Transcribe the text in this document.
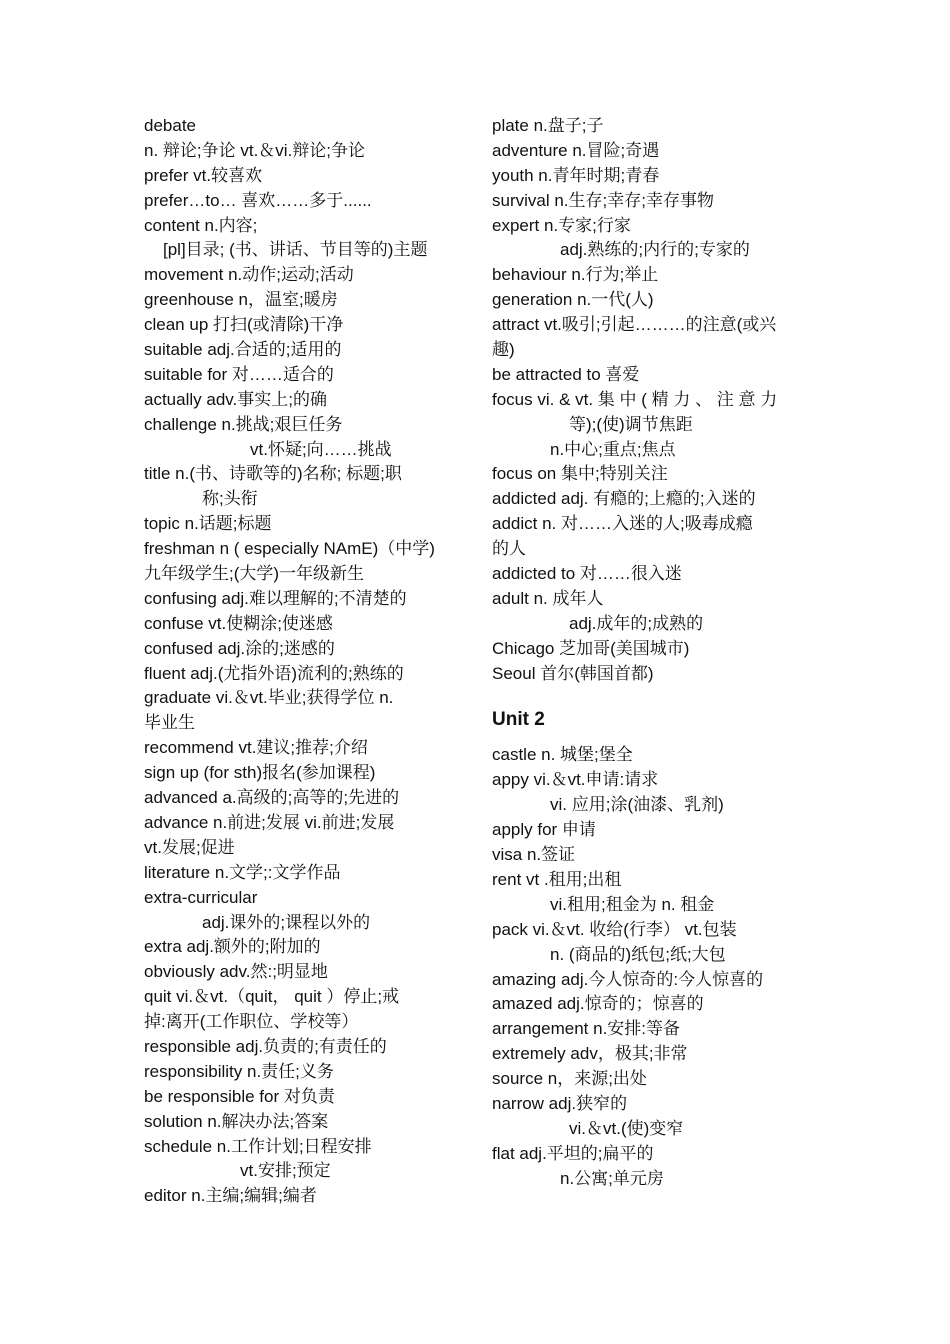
debate
n. 辩论;争论 vt.＆vi.辩论;争论
prefer vt.较喜欢
prefer…to… 喜欢……多于......
content n.内容;
[pl]目录; (书、讲话、节目等的)主题
movement n.动作;运动;活动
greenhouse n，温室;暖房
clean up 打扫(或清除)干净
suitable adj.合适的;适用的
suitable for 对……适合的
actually adv.事实上;的确
challenge n.挑战;艰巨任务
vt.怀疑;向……挑战
title n.(书、诗歌等的)名称; 标题;职
称;头衔
topic n.话题;标题
freshman n ( especially NAmE)（中学)
九年级学生;(大学)一年级新生
confusing adj.难以理解的;不清楚的
confuse vt.使糊涂;使迷感
confused adj.涂的;迷感的
fluent adj.(尤指外语)流利的;熟练的
graduate vi.＆vt.毕业;获得学位 n.
毕业生
recommend vt.建议;推荐;介绍
sign up (for sth)报名(参加课程)
advanced a.高级的;高等的;先进的
advance n.前进;发展 vi.前进;发展
vt.发展;促进
literature n.文学;:文学作品
extra-curricular
adj.课外的;课程以外的
extra adj.额外的;附加的
obviously adv.然:;明显地
quit vi.＆vt.（quit， quit ）停止;戒
掉:离开(工作职位、学校等）
responsible adj.负责的;有责任的
responsibility n.责任;义务
be responsible for 对负责
solution n.解决办法;答案
schedule n.工作计划;日程安排
vt.安排;预定
editor n.主编;编辑;编者
plate n.盘子;子
adventure n.冒险;奇遇
youth n.青年时期;青春
survival n.生存;幸存;幸存事物
expert n.专家;行家
adj.熟练的;内行的;专家的
behaviour n.行为;举止
generation n.一代(人)
attract vt.吸引;引起………的注意(或兴
趣)
be attracted to 喜爱
focus vi. & vt. 集 中 ( 精 力 、 注 意 力
等);(使)调节焦距
n.中心;重点;焦点
focus on 集中;特别关注
addicted adj. 有瘾的;上瘾的;入迷的
addict n. 对……入迷的人;吸毒成瘾
的人
addicted to 对……很入迷
adult n. 成年人
adj.成年的;成熟的
Chicago 芝加哥(美国城市)
Seoul 首尔(韩国首都)
Unit 2
castle n. 城堡;堡全
appy vi.＆vt.申请:请求
vi. 应用;涂(油漆、乳剂)
apply for 申请
visa n.签证
rent vt .租用;出租
vi.租用;租金为 n. 租金
pack vi.＆vt. 收给(行李） vt.包装
n. (商品的)纸包;纸;大包
amazing adj.今人惊奇的:今人惊喜的
amazed adj.惊奇的；惊喜的
arrangement n.安排:等备
extremely adv，极其;非常
source n，来源;出处
narrow adj.狭窄的
vi.＆vt.(使)变窄
flat adj.平坦的;扁平的
n.公寓;单元房
